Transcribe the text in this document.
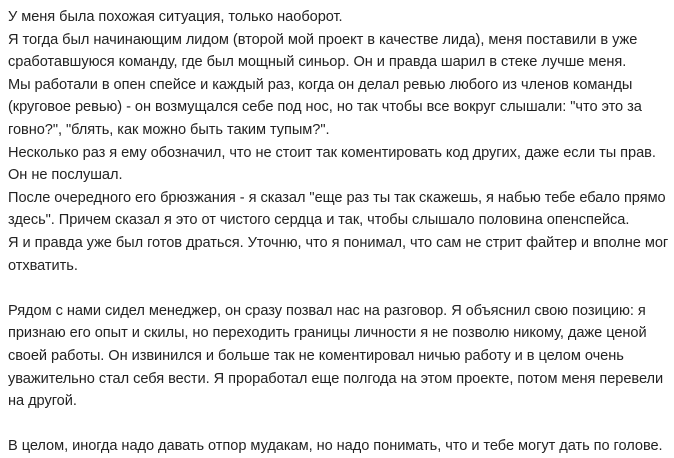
У меня была похожая ситуация, только наоборот.
Я тогда был начинающим лидом (второй мой проект в качестве лида), меня поставили в уже
сработавшуюся команду, где был мощный синьор. Он и правда шарил в стеке лучше меня.
Мы работали в опен спейсе и каждый раз, когда он делал ревью любого из членов команды
(круговое ревью) - он возмущался себе под нос, но так чтобы все вокруг слышали: "что это за
говно?", "блять, как можно быть таким тупым?".
Несколько раз я ему обозначил, что не стоит так коментировать код других, даже если ты прав.
Он не послушал.
После очередного его брюзжания - я сказал "еще раз ты так скажешь, я набью тебе ебало прямо
здесь". Причем сказал я это от чистого сердца и так, чтобы слышало половина опенспейса.
Я и правда уже был готов драться. Уточню, что я понимал, что сам не стрит файтер и вполне мог
отхватить.
Рядом с нами сидел менеджер, он сразу позвал нас на разговор. Я объяснил свою позицию: я
признаю его опыт и скилы, но переходить границы личности я не позволю никому, даже ценой
своей работы. Он извинился и больше так не коментировал ничью работу и в целом очень
уважительно стал себя вести. Я проработал еще полгода на этом проекте, потом меня перевели
на другой.
В целом, иногда надо давать отпор мудакам, но надо понимать, что и тебе могут дать по голове.
